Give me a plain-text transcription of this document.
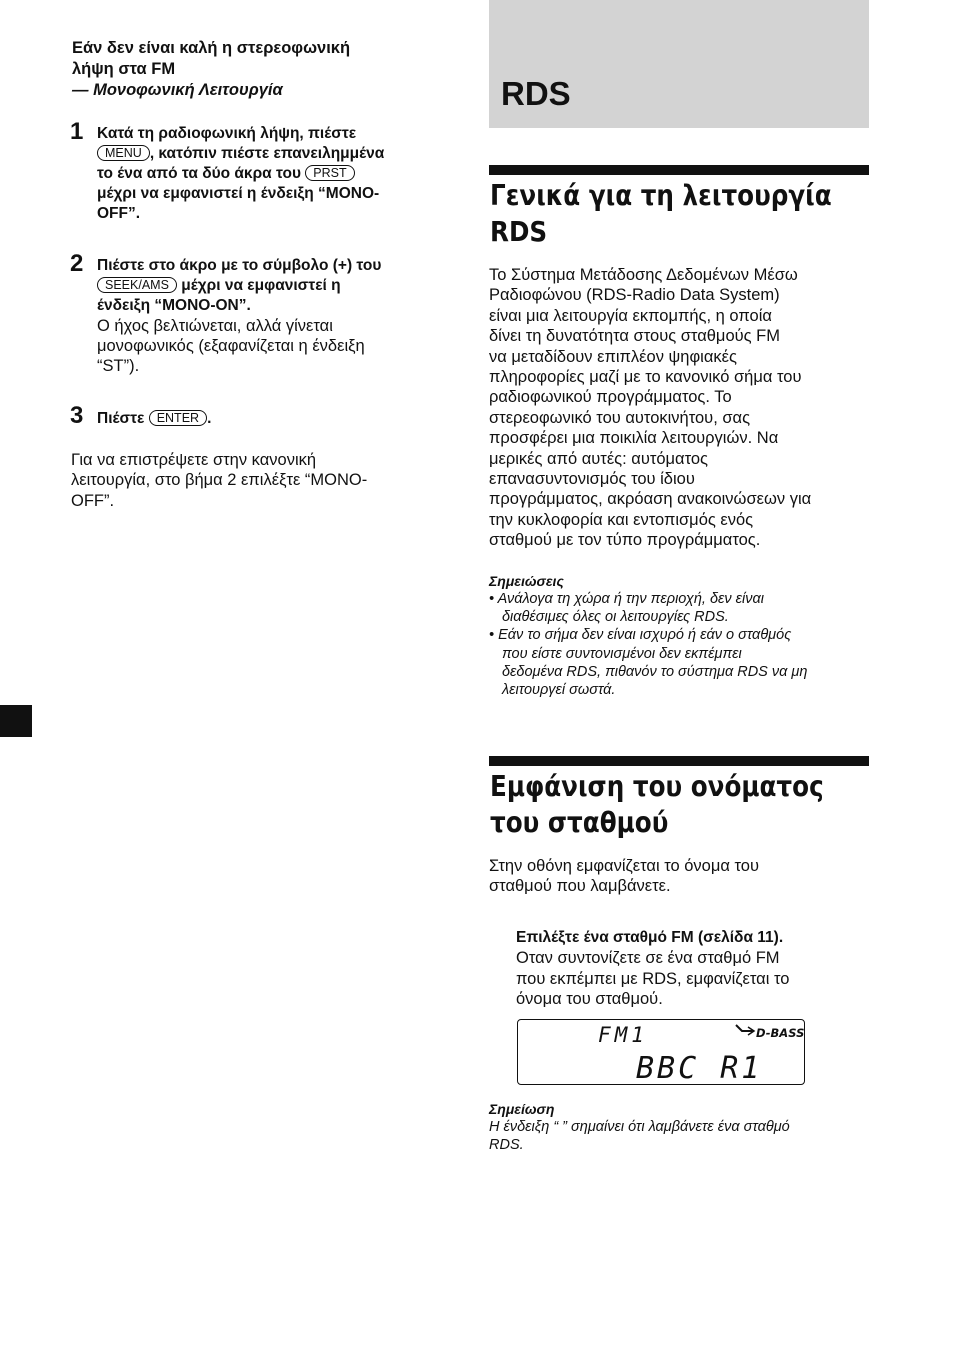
Εάν δεν είναι καλή η στερεοφωνική
λήψη στα FM
— Μονοφωνική Λειτουργία
1 Κατά τη ραδιοφωνική λήψη, πιέστε
MENU , κατόπιν πιέστε επανειλημμένα
το ένα από τα δύο άκρα του PRST
μέχρι να εμφανιστεί η ένδειξη “MONO-
OFF”.
2 Πιέστε στο άκρο με το σύμβολο (+) του
SEEK/AMS μέχρι να εμφανιστεί η
ένδειξη “MONO-ON”.
Ο ήχος βελτιώνεται, αλλά γίνεται
μονοφωνικός (εξαφανίζεται η ένδειξη
“ST”).
3 Πιέστε ENTER .
Για να επιστρέψετε στην κανονική
λειτουργία, στο βήμα 2 επιλέξτε “MONO-
OFF”.
RDS
Γενικά για τη λειτουργία
RDS
Το Σύστημα Μετάδοσης Δεδομένων Μέσω
Ραδιοφώνου (RDS-Radio Data System)
είναι μια λειτουργία εκπομπής, η οποία
δίνει τη δυνατότητα στους σταθμούς FM
να μεταδίδουν επιπλέον ψηφιακές
πληροφορίες μαζί με το κανονικό σήμα του
ραδιοφωνικού προγράμματος. Το
στερεοφωνικό του αυτοκινήτου, σας
προσφέρει μια ποικιλία λειτουργιών. Να
μερικές από αυτές: αυτόματος
επανασυντονισμός του ίδιου
προγράμματος, ακρόαση ανακοινώσεων για
την κυκλοφορία και εντοπισμός ενός
σταθμού με τον τύπο προγράμματος.
Σημειώσεις
• Ανάλογα τη χώρα ή την περιοχή, δεν είναι
διαθέσιμες όλες οι λειτουργίες RDS.
• Εάν το σήμα δεν είναι ισχυρό ή εάν ο σταθμός
που είστε συντονισμένοι δεν εκπέμπει
δεδομένα RDS, πιθανόν το σύστημα RDS να μη
λειτουργεί σωστά.
Εμφάνιση του ονόματος
του σταθμού
Στην οθόνη εμφανίζεται το όνομα του
σταθμού που λαμβάνετε.
Επιλέξτε ένα σταθμό FM (σελίδα 11).
Οταν συντονίζετε σε ένα σταθμό FM
που εκπέμπει με RDS, εμφανίζεται το
όνομα του σταθμού.
FM1	D-BASS
BBC R1
Σημείωση
Η ένδειξη “ ” σημαίνει ότι λαμβάνετε ένα σταθμό
RDS.
